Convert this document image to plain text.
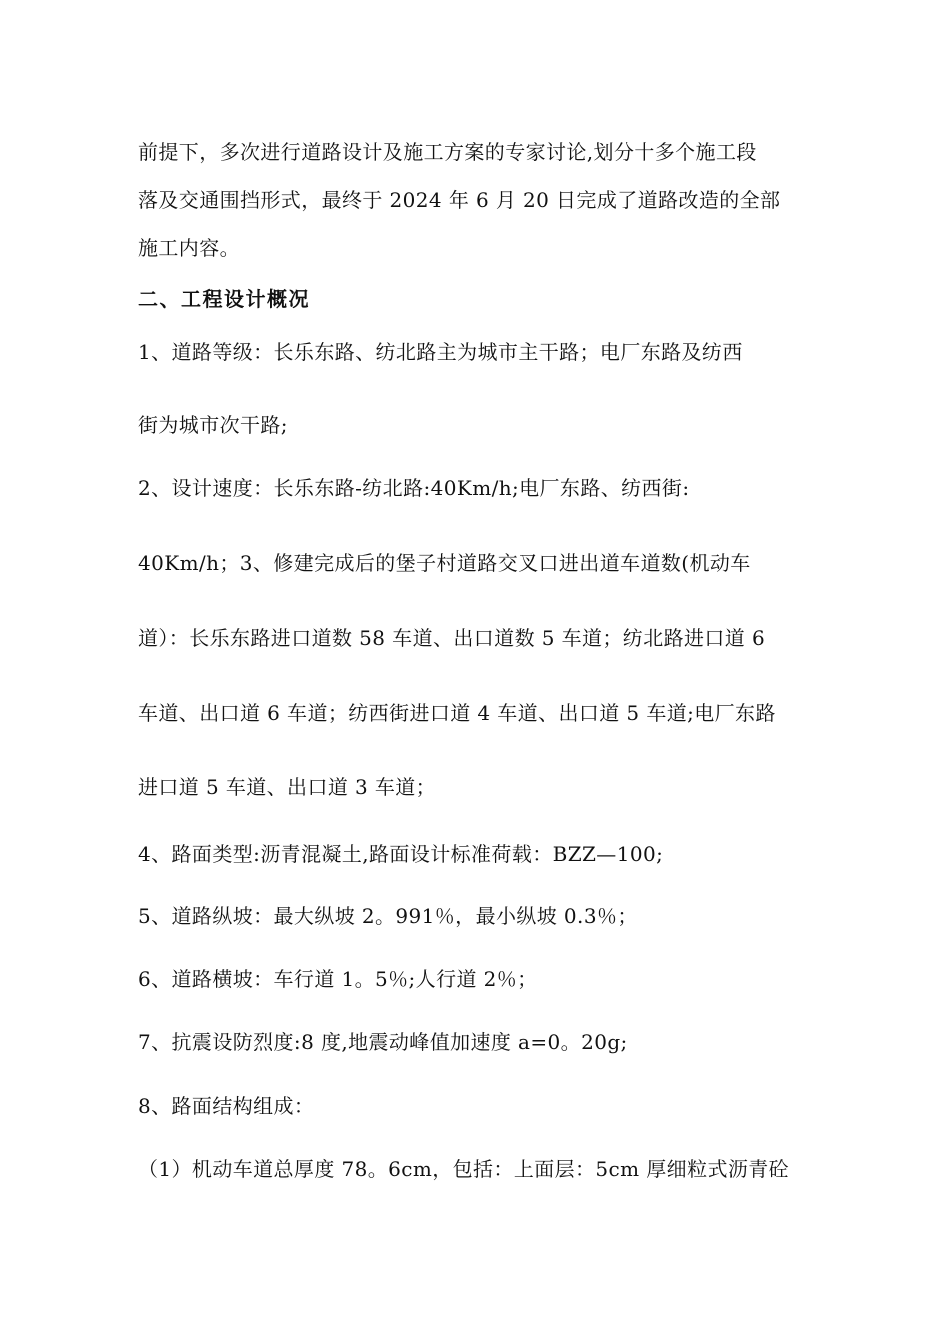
前提下，多次进行道路设计及施工方案的专家讨论,划分十多个施工段
落及交通围挡形式，最终于 2024 年 6 月 20 日完成了道路改造的全部
施工内容。
二、工程设计概况
1、道路等级：长乐东路、纺北路主为城市主干路；电厂东路及纺西
街为城市次干路;
2、设计速度：长乐东路-纺北路:40Km/h;电厂东路、纺西街:
40Km/h；3、修建完成后的堡子村道路交叉口进出道车道数(机动车
道）：长乐东路进口道数 58 车道、出口道数 5 车道；纺北路进口道 6
车道、出口道 6 车道；纺西街进口道 4 车道、出口道 5 车道;电厂东路
进口道 5 车道、出口道 3 车道；
4、路面类型:沥青混凝土,路面设计标准荷载：BZZ—100;
5、道路纵坡：最大纵坡 2。991％，最小纵坡 0.3％；
6、道路横坡：车行道 1。5％;人行道 2％；
7、抗震设防烈度:8 度,地震动峰值加速度 a=0。20g;
8、路面结构组成：
（1）机动车道总厚度 78。6cm，包括：上面层：5cm 厚细粒式沥青砼
